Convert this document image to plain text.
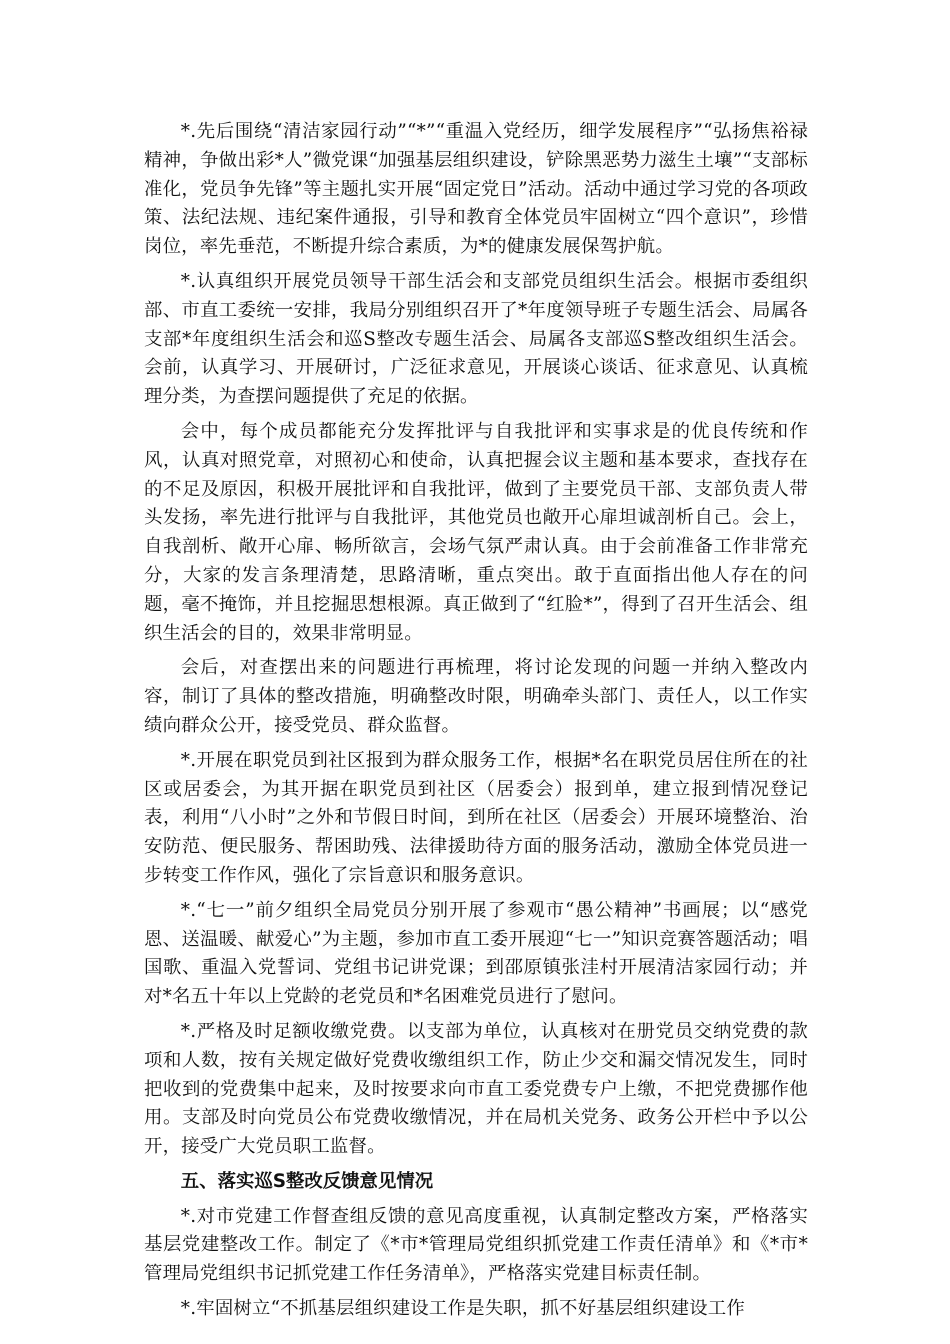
*.先后围绕“清洁家园行动”“*”“重温入党经历，细学发展程序”“弘扬焦裕禄精神，争做出彩*人”微党课“加强基层组织建设，铲除黑恶势力滋生土壤”“支部标准化，党员争先锋”等主题扎实开展“固定党日”活动。活动中通过学习党的各项政策、法纪法规、违纪案件通报，引导和教育全体党员牢固树立“四个意识”，珍惜岗位，率先垂范，不断提升综合素质，为*的健康发展保驾护航。

*.认真组织开展党员领导干部生活会和支部党员组织生活会。根据市委组织部、市直工委统一安排，我局分别组织召开了*年度领导班子专题生活会、局属各支部*年度组织生活会和巡S整改专题生活会、局属各支部巡S整改组织生活会。会前，认真学习、开展研讨，广泛征求意见，开展谈心谈话、征求意见、认真梳理分类，为查摆问题提供了充足的依据。

会中，每个成员都能充分发挥批评与自我批评和实事求是的优良传统和作风，认真对照党章，对照初心和使命，认真把握会议主题和基本要求，查找存在的不足及原因，积极开展批评和自我批评，做到了主要党员干部、支部负责人带头发扬，率先进行批评与自我批评，其他党员也敞开心扉坦诚剖析自己。会上，自我剖析、敞开心扉、畅所欲言，会场气氛严肃认真。由于会前准备工作非常充分，大家的发言条理清楚，思路清晰，重点突出。敢于直面指出他人存在的问题，毫不掩饰，并且挖掘思想根源。真正做到了“红脸*”，得到了召开生活会、组织生活会的目的，效果非常明显。

会后，对查摆出来的问题进行再梳理，将讨论发现的问题一并纳入整改内容，制订了具体的整改措施，明确整改时限，明确牵头部门、责任人，以工作实绩向群众公开，接受党员、群众监督。

*.开展在职党员到社区报到为群众服务工作，根据*名在职党员居住所在的社区或居委会，为其开据在职党员到社区（居委会）报到单，建立报到情况登记表，利用“八小时”之外和节假日时间，到所在社区（居委会）开展环境整治、治安防范、便民服务、帮困助残、法律援助待方面的服务活动，激励全体党员进一步转变工作作风，强化了宗旨意识和服务意识。

*.“七一”前夕组织全局党员分别开展了参观市“愚公精神”书画展；以“感党恩、送温暖、献爱心”为主题，参加市直工委开展迎“七一”知识竞赛答题活动；唱国歌、重温入党誓词、党组书记讲党课；到邵原镇张洼村开展清洁家园行动；并对*名五十年以上党龄的老党员和*名困难党员进行了慰问。

*.严格及时足额收缴党费。以支部为单位，认真核对在册党员交纳党费的款项和人数，按有关规定做好党费收缴组织工作，防止少交和漏交情况发生，同时把收到的党费集中起来，及时按要求向市直工委党费专户上缴，不把党费挪作他用。支部及时向党员公布党费收缴情况，并在局机关党务、政务公开栏中予以公开，接受广大党员职工监督。

五、落实巡S整改反馈意见情况

*.对市党建工作督查组反馈的意见高度重视，认真制定整改方案，严格落实基层党建整改工作。制定了《*市*管理局党组织抓党建工作责任清单》和《*市*管理局党组织书记抓党建工作任务清单》，严格落实党建目标责任制。

*.牢固树立“不抓基层组织建设工作是失职，抓不好基层组织建设工作
